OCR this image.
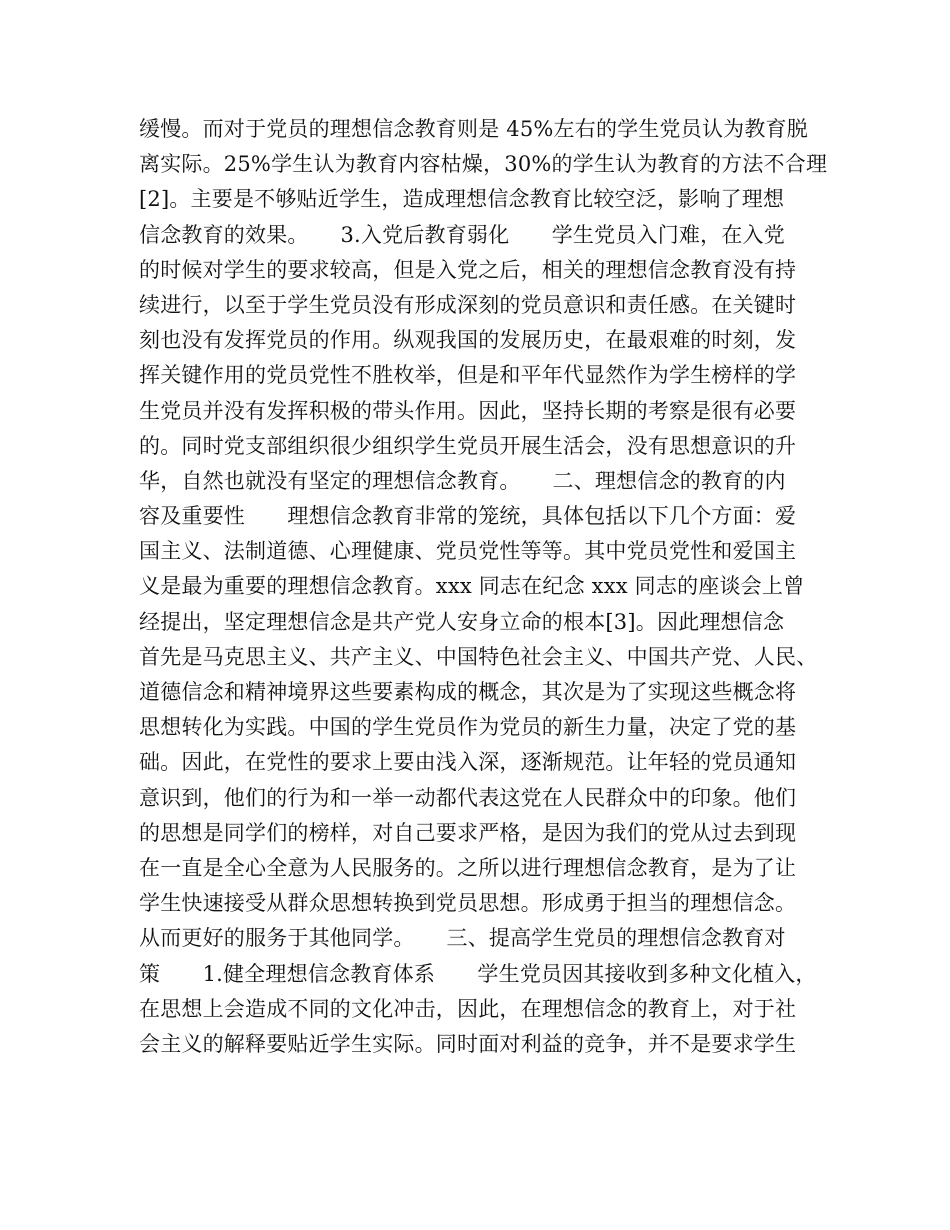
缓慢。而对于党员的理想信念教育则是 45%左右的学生党员认为教育脱
离实际。25%学生认为教育内容枯燥，30%的学生认为教育的方法不合理
[2]。主要是不够贴近学生，造成理想信念教育比较空泛，影响了理想
信念教育的效果。　　3.入党后教育弱化　　学生党员入门难，在入党
的时候对学生的要求较高，但是入党之后，相关的理想信念教育没有持
续进行，以至于学生党员没有形成深刻的党员意识和责任感。在关键时
刻也没有发挥党员的作用。纵观我国的发展历史，在最艰难的时刻，发
挥关键作用的党员党性不胜枚举，但是和平年代显然作为学生榜样的学
生党员并没有发挥积极的带头作用。因此，坚持长期的考察是很有必要
的。同时党支部组织很少组织学生党员开展生活会，没有思想意识的升
华，自然也就没有坚定的理想信念教育。　　二、理想信念的教育的内
容及重要性　　理想信念教育非常的笼统，具体包括以下几个方面：爱
国主义、法制道德、心理健康、党员党性等等。其中党员党性和爱国主
义是最为重要的理想信念教育。xxx 同志在纪念 xxx 同志的座谈会上曾
经提出，坚定理想信念是共产党人安身立命的根本[3]。因此理想信念
首先是马克思主义、共产主义、中国特色社会主义、中国共产党、人民、
道德信念和精神境界这些要素构成的概念，其次是为了实现这些概念将
思想转化为实践。中国的学生党员作为党员的新生力量，决定了党的基
础。因此，在党性的要求上要由浅入深，逐渐规范。让年轻的党员通知
意识到，他们的行为和一举一动都代表这党在人民群众中的印象。他们
的思想是同学们的榜样，对自己要求严格，是因为我们的党从过去到现
在一直是全心全意为人民服务的。之所以进行理想信念教育，是为了让
学生快速接受从群众思想转换到党员思想。形成勇于担当的理想信念。
从而更好的服务于其他同学。　　三、提高学生党员的理想信念教育对
策　　1.健全理想信念教育体系　　学生党员因其接收到多种文化植入，
在思想上会造成不同的文化冲击，因此，在理想信念的教育上，对于社
会主义的解释要贴近学生实际。同时面对利益的竞争，并不是要求学生
